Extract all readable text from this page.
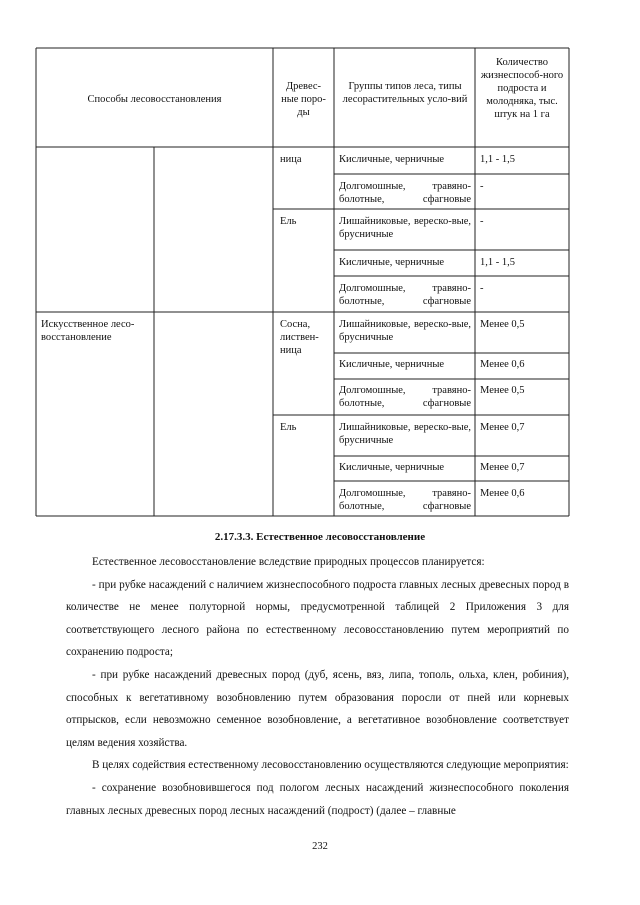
Способы лесовосстановления

Древес-ные поро-ды

Группы типов леса, типы лесорастительных усло-вий

Количество жизнеспособ-ного подроста и молодняка, тыс. штук на 1 га

Искусственное лесо-восстановление

ница

Ель

Сосна, листвен-ница

Ель

Кисличные, черничные

Долгомошные, травяно-болотные, сфагновые

Лишайниковые, вереско-вые, брусничные

Кисличные, черничные

Долгомошные, травяно-болотные, сфагновые

Лишайниковые, вереско-вые, брусничные

Кисличные, черничные

Долгомошные, травяно-болотные, сфагновые

Лишайниковые, вереско-вые, брусничные

Кисличные, черничные

Долгомошные, травяно-болотные, сфагновые

1,1 - 1,5

-

-

1,1 - 1,5

-

Менее 0,5

Менее 0,6

Менее 0,5

Менее 0,7

Менее 0,7

Менее 0,6

2.17.3.3. Естественное лесовосстановление

Естественное лесовосстановление вследствие природных процессов планируется:

- при рубке насаждений с наличием жизнеспособного подроста главных лесных древесных пород в количестве не менее полуторной нормы, предусмотренной таблицей 2 Приложения 3 для соответствующего лесного района по естественному лесовосстановлению путем мероприятий по сохранению подроста;

- при рубке насаждений древесных пород (дуб, ясень, вяз, липа, тополь, ольха, клен, робиния), способных к вегетативному возобновлению путем образования поросли от пней или корневых отпрысков, если невозможно семенное возобновление, а вегетативное возобновление соответствует целям ведения хозяйства.

В целях содействия естественному лесовосстановлению осуществляются следующие мероприятия:

- сохранение возобновившегося под пологом лесных насаждений жизнеспособного поколения главных лесных древесных пород лесных насаждений (подрост) (далее – главные

232
